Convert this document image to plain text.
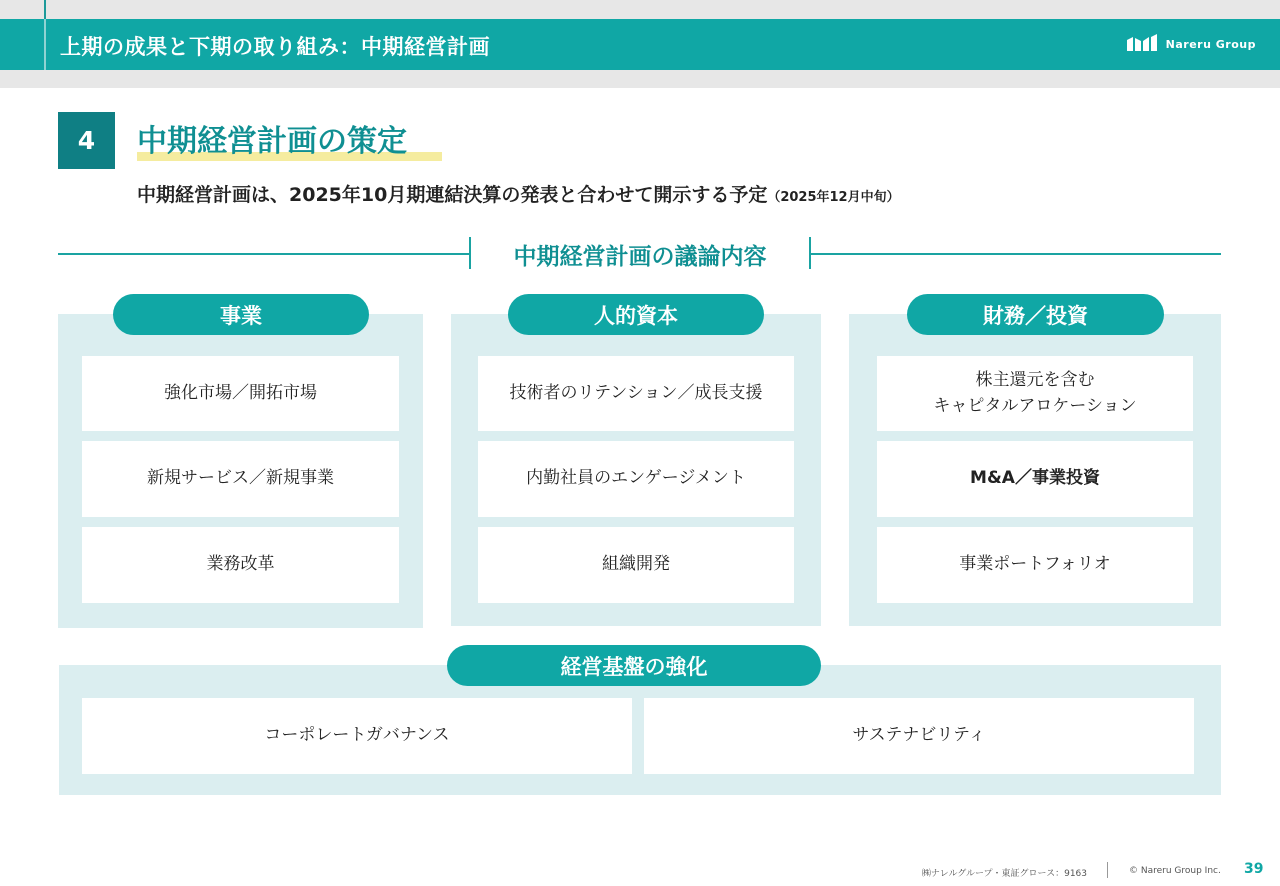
上期の成果と下期の取り組み：中期経営計画	Nareru Group
4	中期経営計画の策定
中期経営計画は、2025年10月期連結決算の発表と合わせて開示する予定（2025年12月中旬）
中期経営計画の議論内容
事業
強化市場／開拓市場
新規サービス／新規事業
業務改革
人的資本
技術者のリテンション／成長支援
内勤社員のエンゲージメント
組織開発
財務／投資
株主還元を含む
キャピタルアロケーション
M&A／事業投資
事業ポートフォリオ
経営基盤の強化
コーポレートガバナンス	サステナビリティ
㈱ナレルグループ・東証グロース：9163	© Nareru Group Inc. 39
